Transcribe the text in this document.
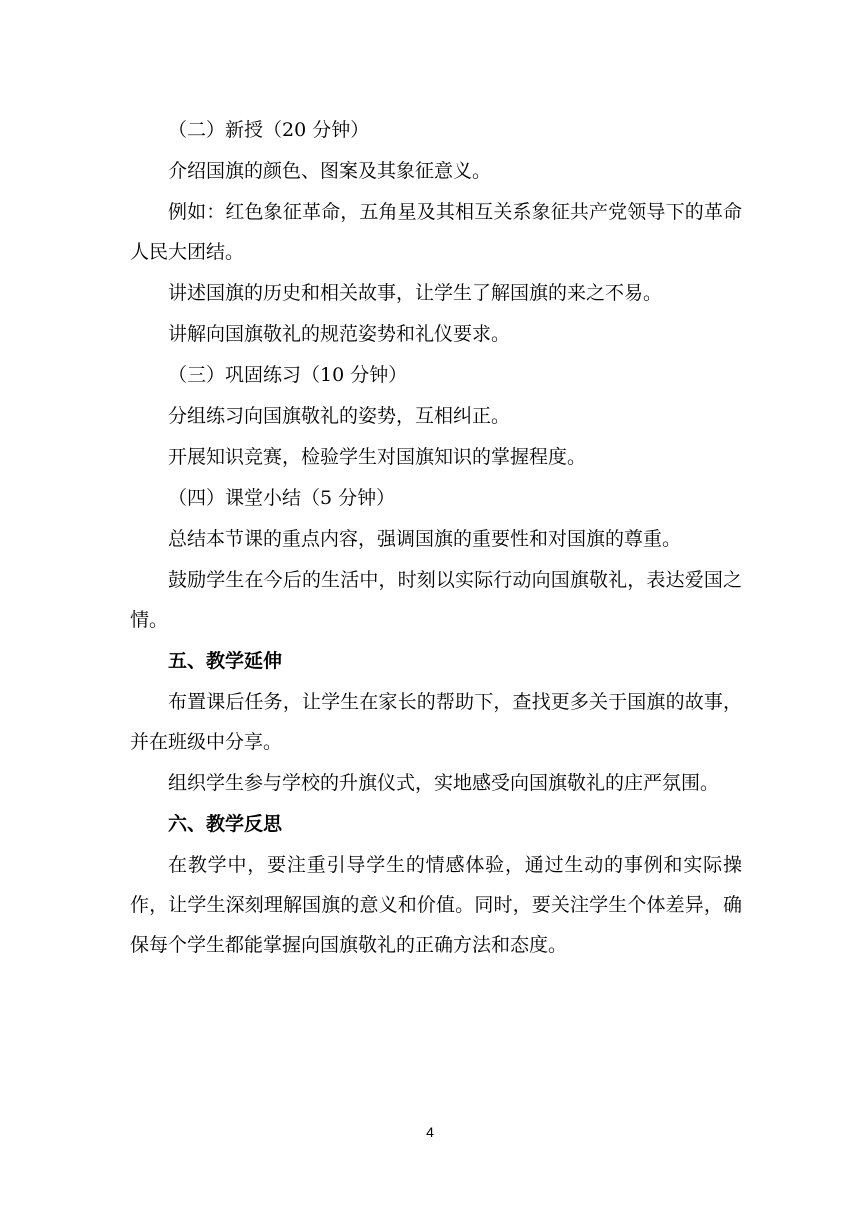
（二）新授（20 分钟）

介绍国旗的颜色、图案及其象征意义。

例如：红色象征革命，五角星及其相互关系象征共产党领导下的革命人民大团结。

讲述国旗的历史和相关故事，让学生了解国旗的来之不易。

讲解向国旗敬礼的规范姿势和礼仪要求。

（三）巩固练习（10 分钟）

分组练习向国旗敬礼的姿势，互相纠正。

开展知识竞赛，检验学生对国旗知识的掌握程度。

（四）课堂小结（5 分钟）

总结本节课的重点内容，强调国旗的重要性和对国旗的尊重。

鼓励学生在今后的生活中，时刻以实际行动向国旗敬礼，表达爱国之情。

五、教学延伸

布置课后任务，让学生在家长的帮助下，查找更多关于国旗的故事，并在班级中分享。

组织学生参与学校的升旗仪式，实地感受向国旗敬礼的庄严氛围。

六、教学反思

在教学中，要注重引导学生的情感体验，通过生动的事例和实际操作，让学生深刻理解国旗的意义和价值。同时，要关注学生个体差异，确保每个学生都能掌握向国旗敬礼的正确方法和态度。

4
